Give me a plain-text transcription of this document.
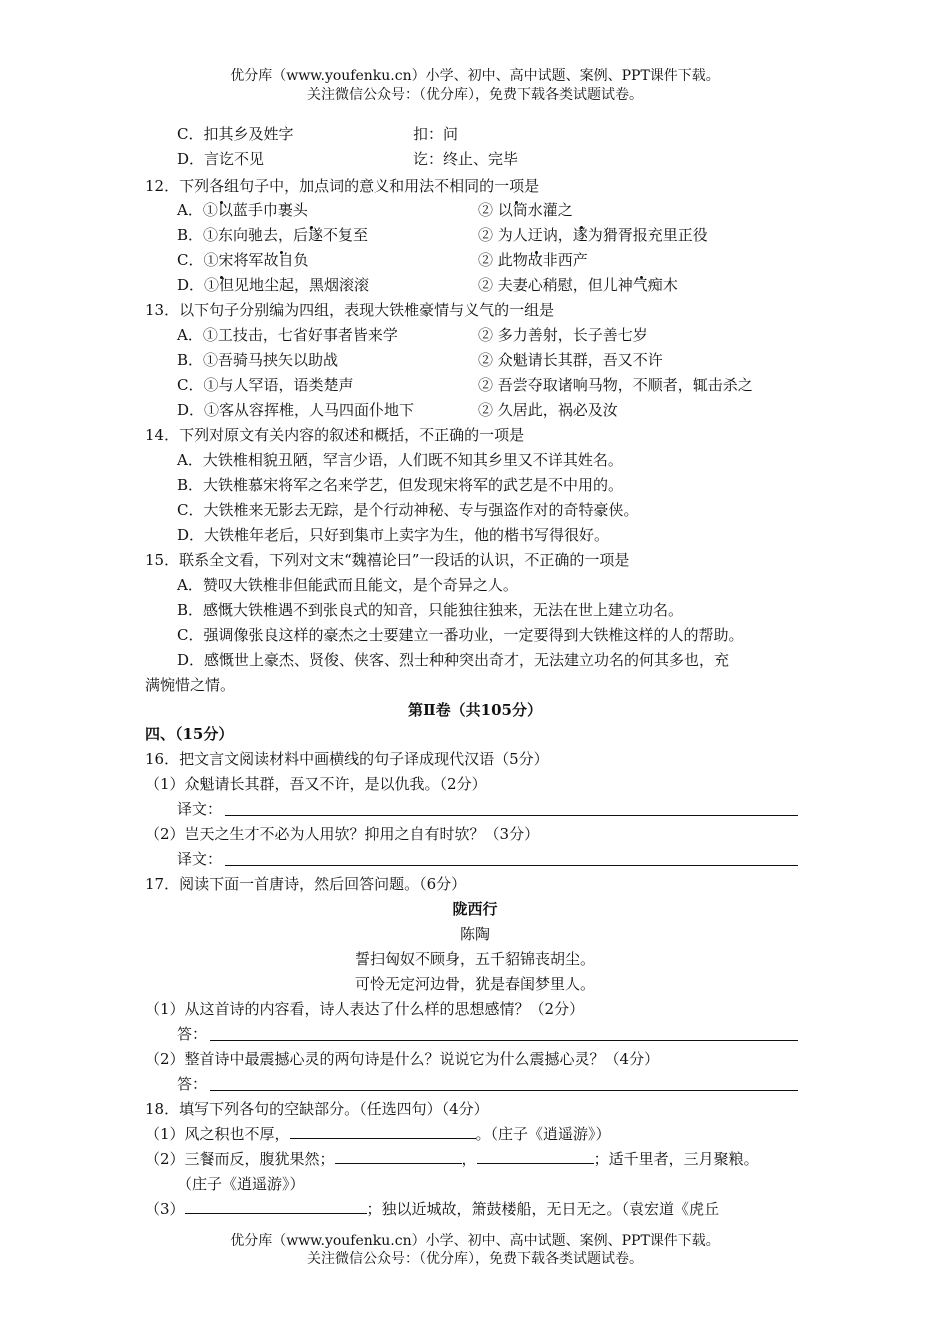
优分库（www.youfenku.cn）小学、初中、高中试题、案例、PPT课件下载。
关注微信公众号：（优分库），免费下载各类试题试卷。
C．扣其乡及姓字	扣：问
D．言讫不见	讫：终止、完毕
12．下列各组句子中，加点词的意义和用法不相同的一项是
A．①以蓝手巾裹头	② 以筒水灌之
B．①东向驰去，后遂不复至	② 为人迂讷，遂为猾胥报充里正役
C．①宋将军故自负	② 此物故非西产
D．①但见地尘起，黑烟滚滚	② 夫妻心稍慰，但儿神气痴木
13．以下句子分别编为四组，表现大铁椎豪情与义气的一组是
A．①工技击，七省好事者皆来学	② 多力善射，长子善七岁
B．①吾骑马挟矢以助战	② 众魁请长其群，吾又不许
C．①与人罕语，语类楚声	② 吾尝夺取诸响马物，不顺者，辄击杀之
D．①客从容挥椎，人马四面仆地下	② 久居此，祸必及汝
14．下列对原文有关内容的叙述和概括，不正确的一项是
A．大铁椎相貌丑陋，罕言少语，人们既不知其乡里又不详其姓名。
B．大铁椎慕宋将军之名来学艺，但发现宋将军的武艺是不中用的。
C．大铁椎来无影去无踪，是个行动神秘、专与强盗作对的奇特豪侠。
D．大铁椎年老后，只好到集市上卖字为生，他的楷书写得很好。
15．联系全文看，下列对文末“魏禧论曰”一段话的认识，不正确的一项是
A．赞叹大铁椎非但能武而且能文，是个奇异之人。
B．感慨大铁椎遇不到张良式的知音，只能独往独来，无法在世上建立功名。
C．强调像张良这样的豪杰之士要建立一番功业，一定要得到大铁椎这样的人的帮助。
D．感慨世上豪杰、贤俊、侠客、烈士种种突出奇才，无法建立功名的何其多也，充
满惋惜之情。
第Ⅱ卷（共105分）
四、（15分）
16．把文言文阅读材料中画横线的句子译成现代汉语（5分）
（1）众魁请长其群，吾又不许，是以仇我。（2分）
译文：
（2）岂天之生才不必为人用欤？抑用之自有时欤？（3分）
译文：
17．阅读下面一首唐诗，然后回答问题。（6分）
陇西行
陈陶
誓扫匈奴不顾身，五千貂锦丧胡尘。
可怜无定河边骨，犹是春闺梦里人。
（1）从这首诗的内容看，诗人表达了什么样的思想感情？（2分）
答：
（2）整首诗中最震撼心灵的两句诗是什么？说说它为什么震撼心灵？（4分）
答：
18．填写下列各句的空缺部分。（任选四句）（4分）
（1）风之积也不厚，	。（庄子《逍遥游》）
（2）三餐而反，腹犹果然；	，	；适千里者，三月聚粮。
（庄子《逍遥游》）
（3）	；独以近城故，箫鼓楼船，无日无之。（袁宏道《虎丘
优分库（www.youfenku.cn）小学、初中、高中试题、案例、PPT课件下载。
关注微信公众号：（优分库），免费下载各类试题试卷。
